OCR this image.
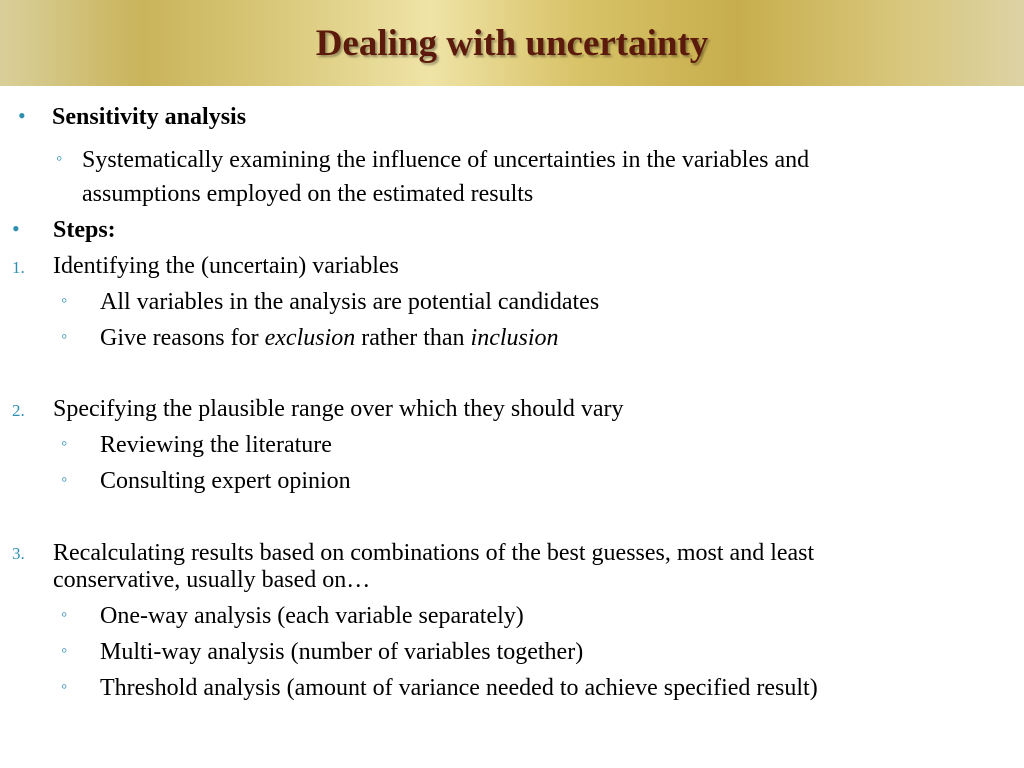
Dealing with uncertainty
• Sensitivity analysis
◦ Systematically examining the influence of uncertainties in the variables and
assumptions employed on the estimated results
• Steps:
1. Identifying the (uncertain) variables
◦ All variables in the analysis are potential candidates
◦ Give reasons for exclusion rather than inclusion
2. Specifying the plausible range over which they should vary
◦ Reviewing the literature
◦ Consulting expert opinion
3. Recalculating results based on combinations of the best guesses, most and least
conservative, usually based on…
◦ One-way analysis (each variable separately)
◦ Multi-way analysis (number of variables together)
◦ Threshold analysis (amount of variance needed to achieve specified result)
